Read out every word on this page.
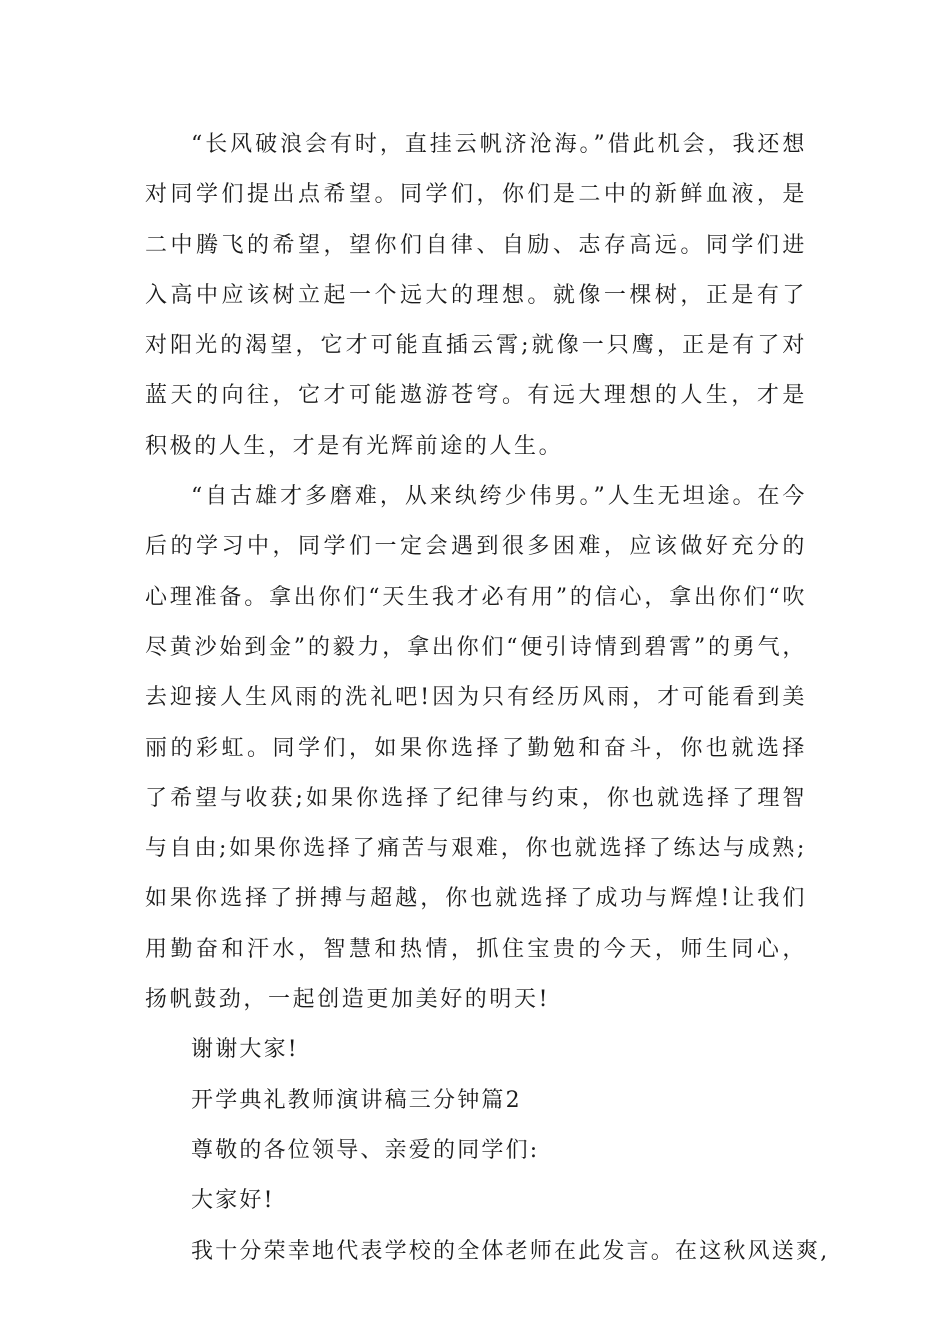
“长风破浪会有时，直挂云帆济沧海。”借此机会，我还想对同学们提出点希望。同学们，你们是二中的新鲜血液，是二中腾飞的希望，望你们自律、自励、志存高远。同学们进入高中应该树立起一个远大的理想。就像一棵树，正是有了对阳光的渴望，它才可能直插云霄;就像一只鹰，正是有了对蓝天的向往，它才可能遨游苍穹。有远大理想的人生，才是积极的人生，才是有光辉前途的人生。

“自古雄才多磨难，从来纨绔少伟男。”人生无坦途。在今后的学习中，同学们一定会遇到很多困难，应该做好充分的心理准备。拿出你们“天生我才必有用”的信心，拿出你们“吹尽黄沙始到金”的毅力，拿出你们“便引诗情到碧霄”的勇气，去迎接人生风雨的洗礼吧!因为只有经历风雨，才可能看到美丽的彩虹。同学们，如果你选择了勤勉和奋斗，你也就选择了希望与收获;如果你选择了纪律与约束，你也就选择了理智与自由;如果你选择了痛苦与艰难，你也就选择了练达与成熟;如果你选择了拼搏与超越，你也就选择了成功与辉煌!让我们用勤奋和汗水，智慧和热情，抓住宝贵的今天，师生同心，扬帆鼓劲，一起创造更加美好的明天!

谢谢大家!

开学典礼教师演讲稿三分钟篇2

尊敬的各位领导、亲爱的同学们:

大家好!

我十分荣幸地代表学校的全体老师在此发言。在这秋风送爽,
